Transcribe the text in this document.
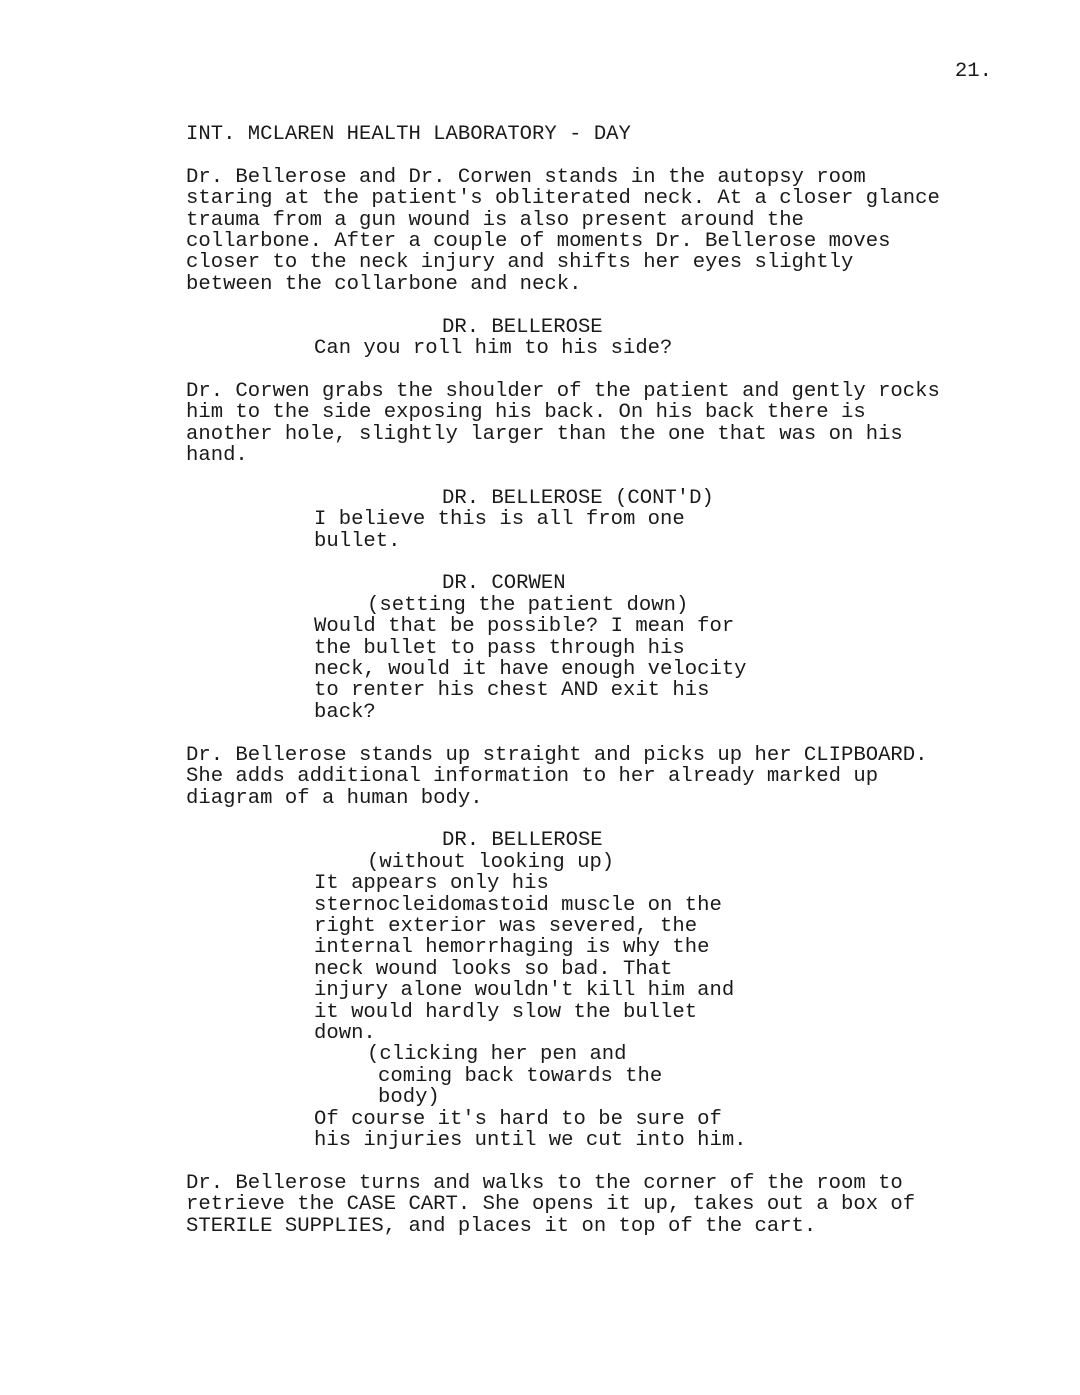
21.
INT. MCLAREN HEALTH LABORATORY - DAY
Dr. Bellerose and Dr. Corwen stands in the autopsy room
staring at the patient's obliterated neck. At a closer glance
trauma from a gun wound is also present around the
collarbone. After a couple of moments Dr. Bellerose moves
closer to the neck injury and shifts her eyes slightly
between the collarbone and neck.
DR. BELLEROSE
Can you roll him to his side?
Dr. Corwen grabs the shoulder of the patient and gently rocks
him to the side exposing his back. On his back there is
another hole, slightly larger than the one that was on his
hand.
DR. BELLEROSE (CONT'D)
I believe this is all from one
bullet.
DR. CORWEN
(setting the patient down)
Would that be possible? I mean for
the bullet to pass through his
neck, would it have enough velocity
to renter his chest AND exit his
back?
Dr. Bellerose stands up straight and picks up her CLIPBOARD.
She adds additional information to her already marked up
diagram of a human body.
DR. BELLEROSE
(without looking up)
It appears only his
sternocleidomastoid muscle on the
right exterior was severed, the
internal hemorrhaging is why the
neck wound looks so bad. That
injury alone wouldn't kill him and
it would hardly slow the bullet
down.
(clicking her pen and
coming back towards the
body)
Of course it's hard to be sure of
his injuries until we cut into him.
Dr. Bellerose turns and walks to the corner of the room to
retrieve the CASE CART. She opens it up, takes out a box of
STERILE SUPPLIES, and places it on top of the cart.
